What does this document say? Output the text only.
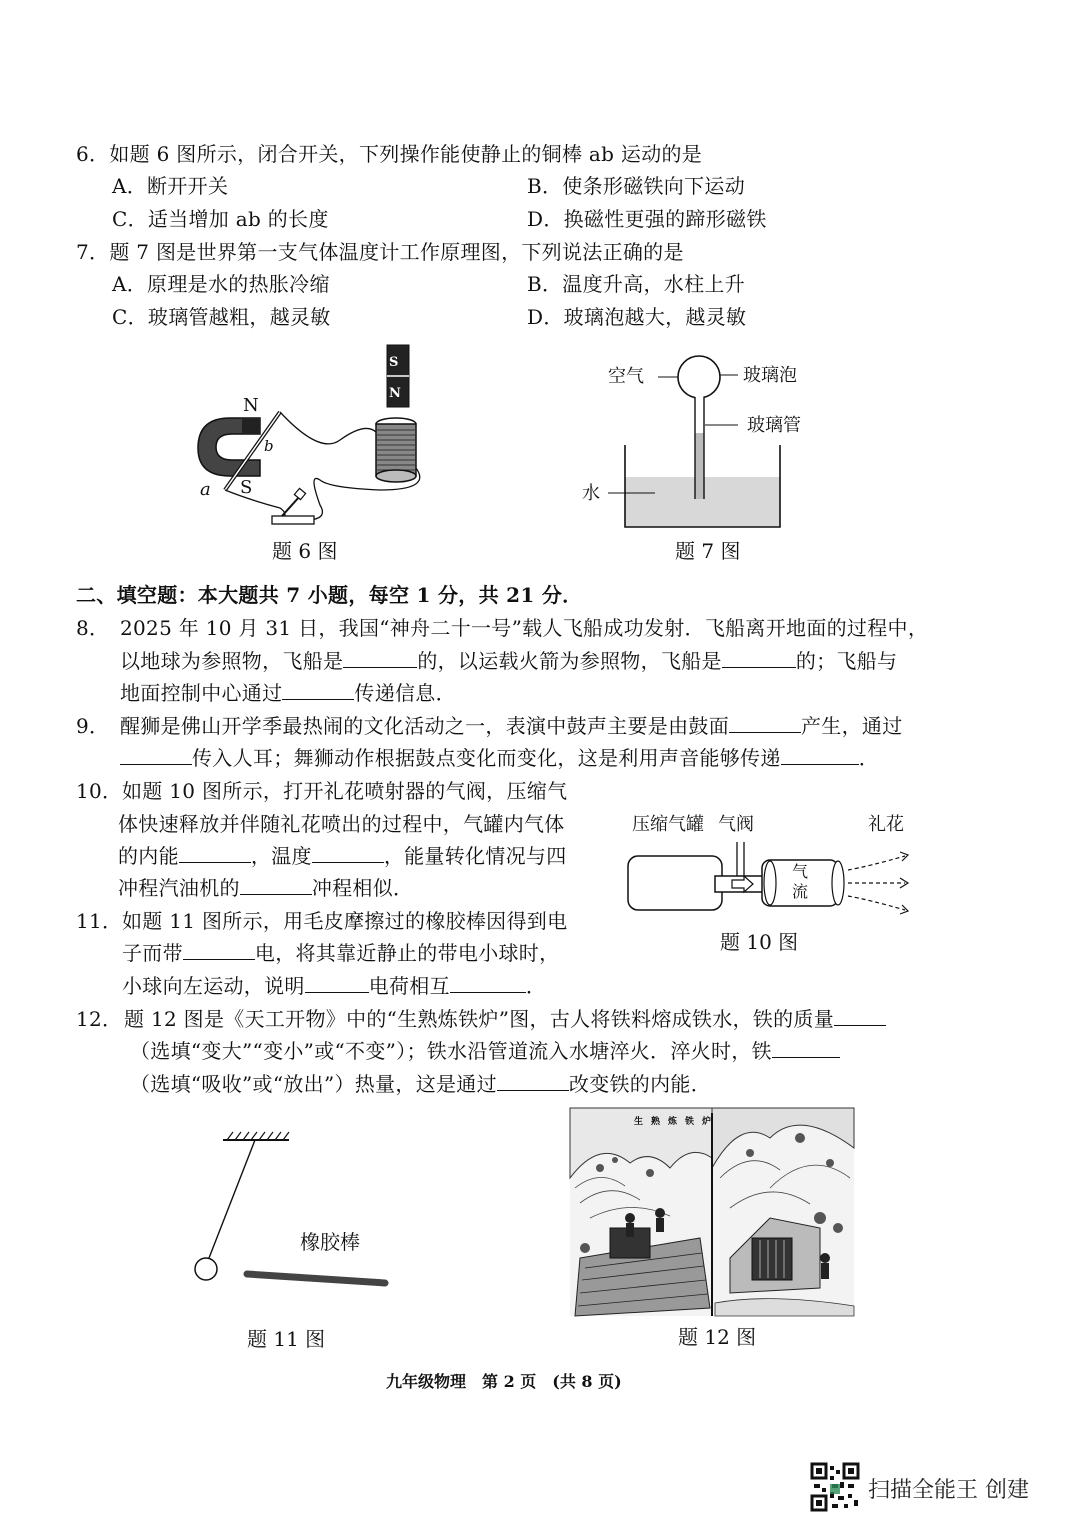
6．如题 6 图所示，闭合开关，下列操作能使静止的铜棒 ab 运动的是
A．断开开关	B．使条形磁铁向下运动
C．适当增加 ab 的长度	D．换磁性更强的蹄形磁铁
7．题 7 图是世界第一支气体温度计工作原理图，下列说法正确的是
A．原理是水的热胀冷缩	B．温度升高，水柱上升
C．玻璃管越粗，越灵敏	D．玻璃泡越大，越灵敏
N
S
a
b
S
N
题 6 图
空气	玻璃泡
玻璃管
水
题 7 图
二、填空题：本大题共 7 小题，每空 1 分，共 21 分．
8． 2025 年 10 月 31 日，我国“神舟二十一号”载人飞船成功发射．飞船离开地面的过程中，
以地球为参照物，飞船是	的，以运载火箭为参照物，飞船是	的；飞船与
地面控制中心通过	传递信息．
9． 醒狮是佛山开学季最热闹的文化活动之一，表演中鼓声主要是由鼓面	产生，通过
传入人耳；舞狮动作根据鼓点变化而变化，这是利用声音能够传递	．
10． 如题 10 图所示，打开礼花喷射器的气阀，压缩气
体快速释放并伴随礼花喷出的过程中，气罐内气体
的内能	，温度	，能量转化情况与四
冲程汽油机的	冲程相似．
压缩气罐 气阀	礼花
气
流
题 10 图
11． 如题 11 图所示，用毛皮摩擦过的橡胶棒因得到电
子而带	电，将其靠近静止的带电小球时，
小球向左运动，说明	电荷相互	．
12． 题 12 图是《天工开物》中的“生熟炼铁炉”图，古人将铁料熔成铁水，铁的质量
（选填“变大”“变小”或“不变”）；铁水沿管道流入水塘淬火．淬火时，铁
（选填“吸收”或“放出”）热量，这是通过	改变铁的内能．
橡胶棒
题 11 图
生熟炼铁炉
题 12 图
九年级物理　第 2 页　(共 8 页)
扫描全能王 创建
